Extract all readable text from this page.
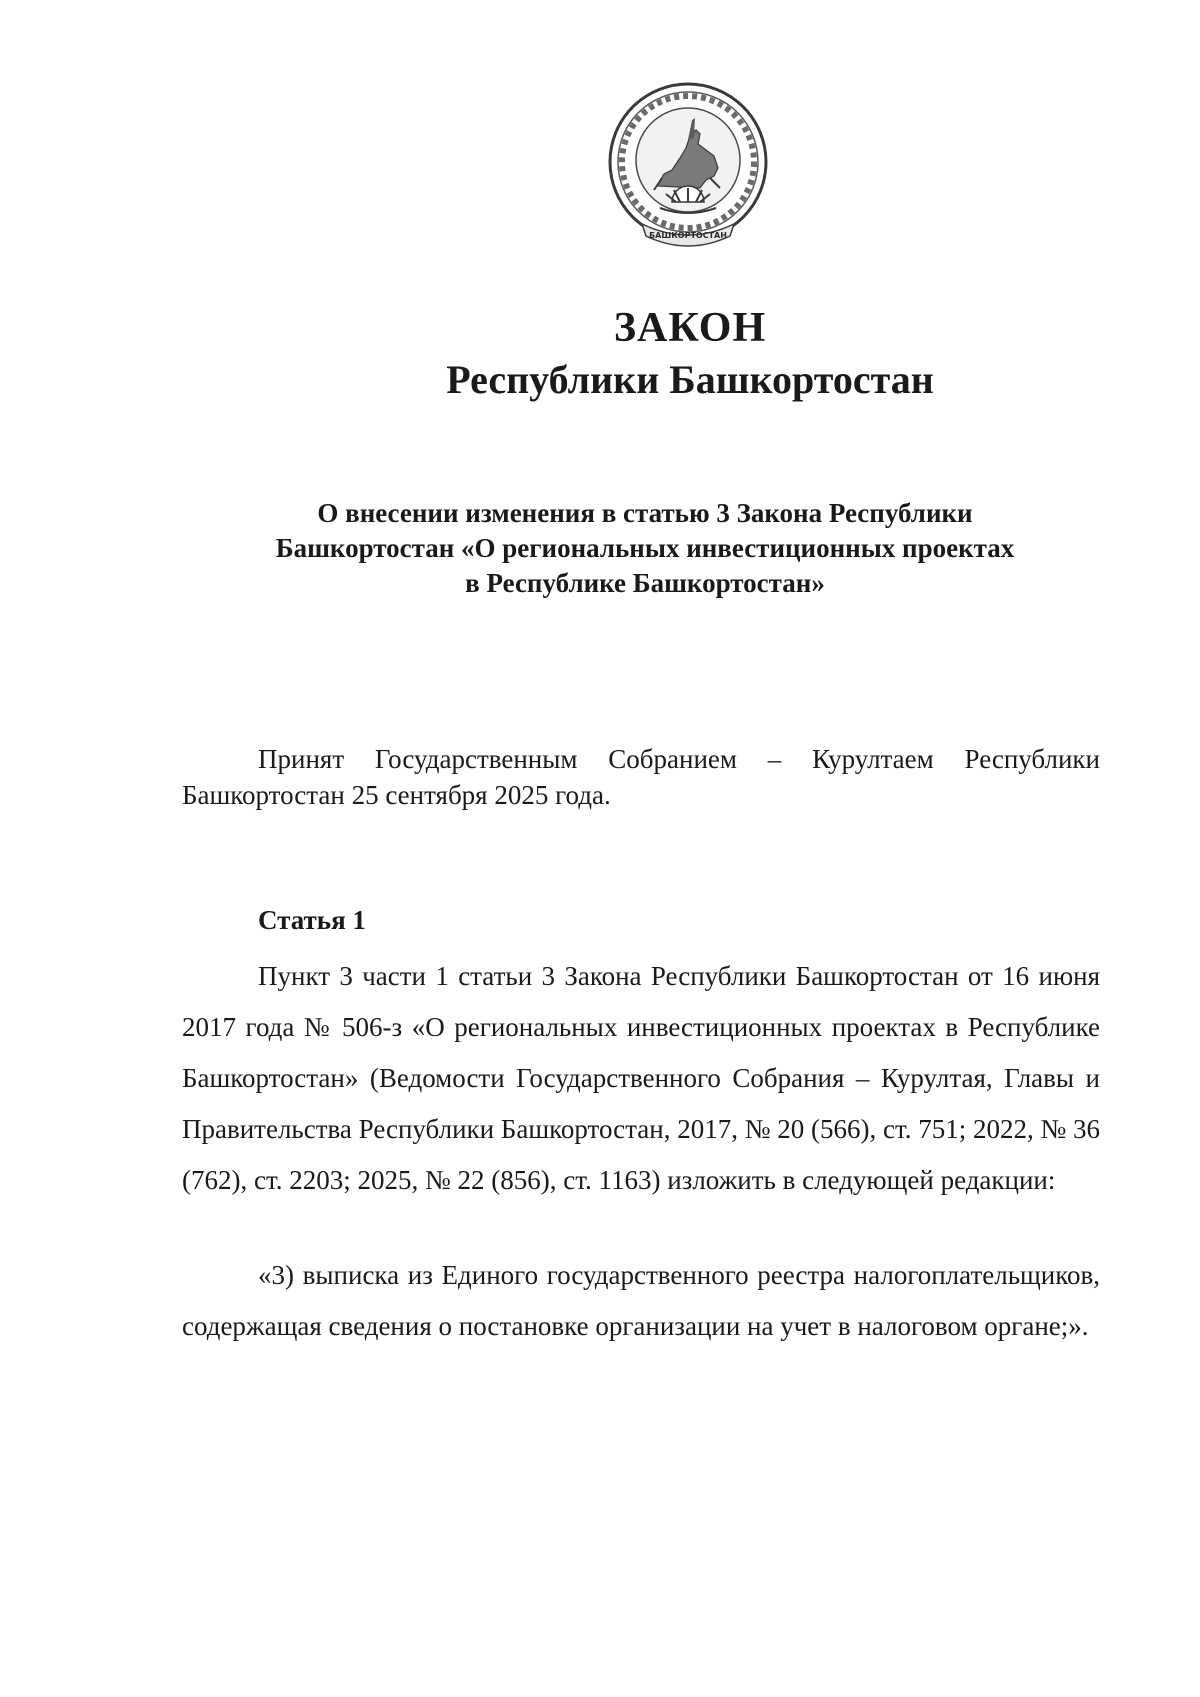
БАШКОРТОСТАН
ЗАКОН
Республики Башкортостан
О внесении изменения в статью 3 Закона Республики
Башкортостан «О региональных инвестиционных проектах
в Республике Башкортостан»
Принят Государственным Собранием – Курултаем Республики Башкортостан 25 сентября 2025 года.
Статья 1
Пункт 3 части 1 статьи 3 Закона Республики Башкортостан от 16 июня 2017 года № 506-з «О региональных инвестиционных проектах в Республике Башкортостан» (Ведомости Государственного Собрания – Курултая, Главы и Правительства Республики Башкортостан, 2017, № 20 (566), ст. 751; 2022, № 36 (762), ст. 2203; 2025, № 22 (856), ст. 1163) изложить в следующей редакции:
«3) выписка из Единого государственного реестра налогоплательщиков, содержащая сведения о постановке организации на учет в налоговом органе;».
